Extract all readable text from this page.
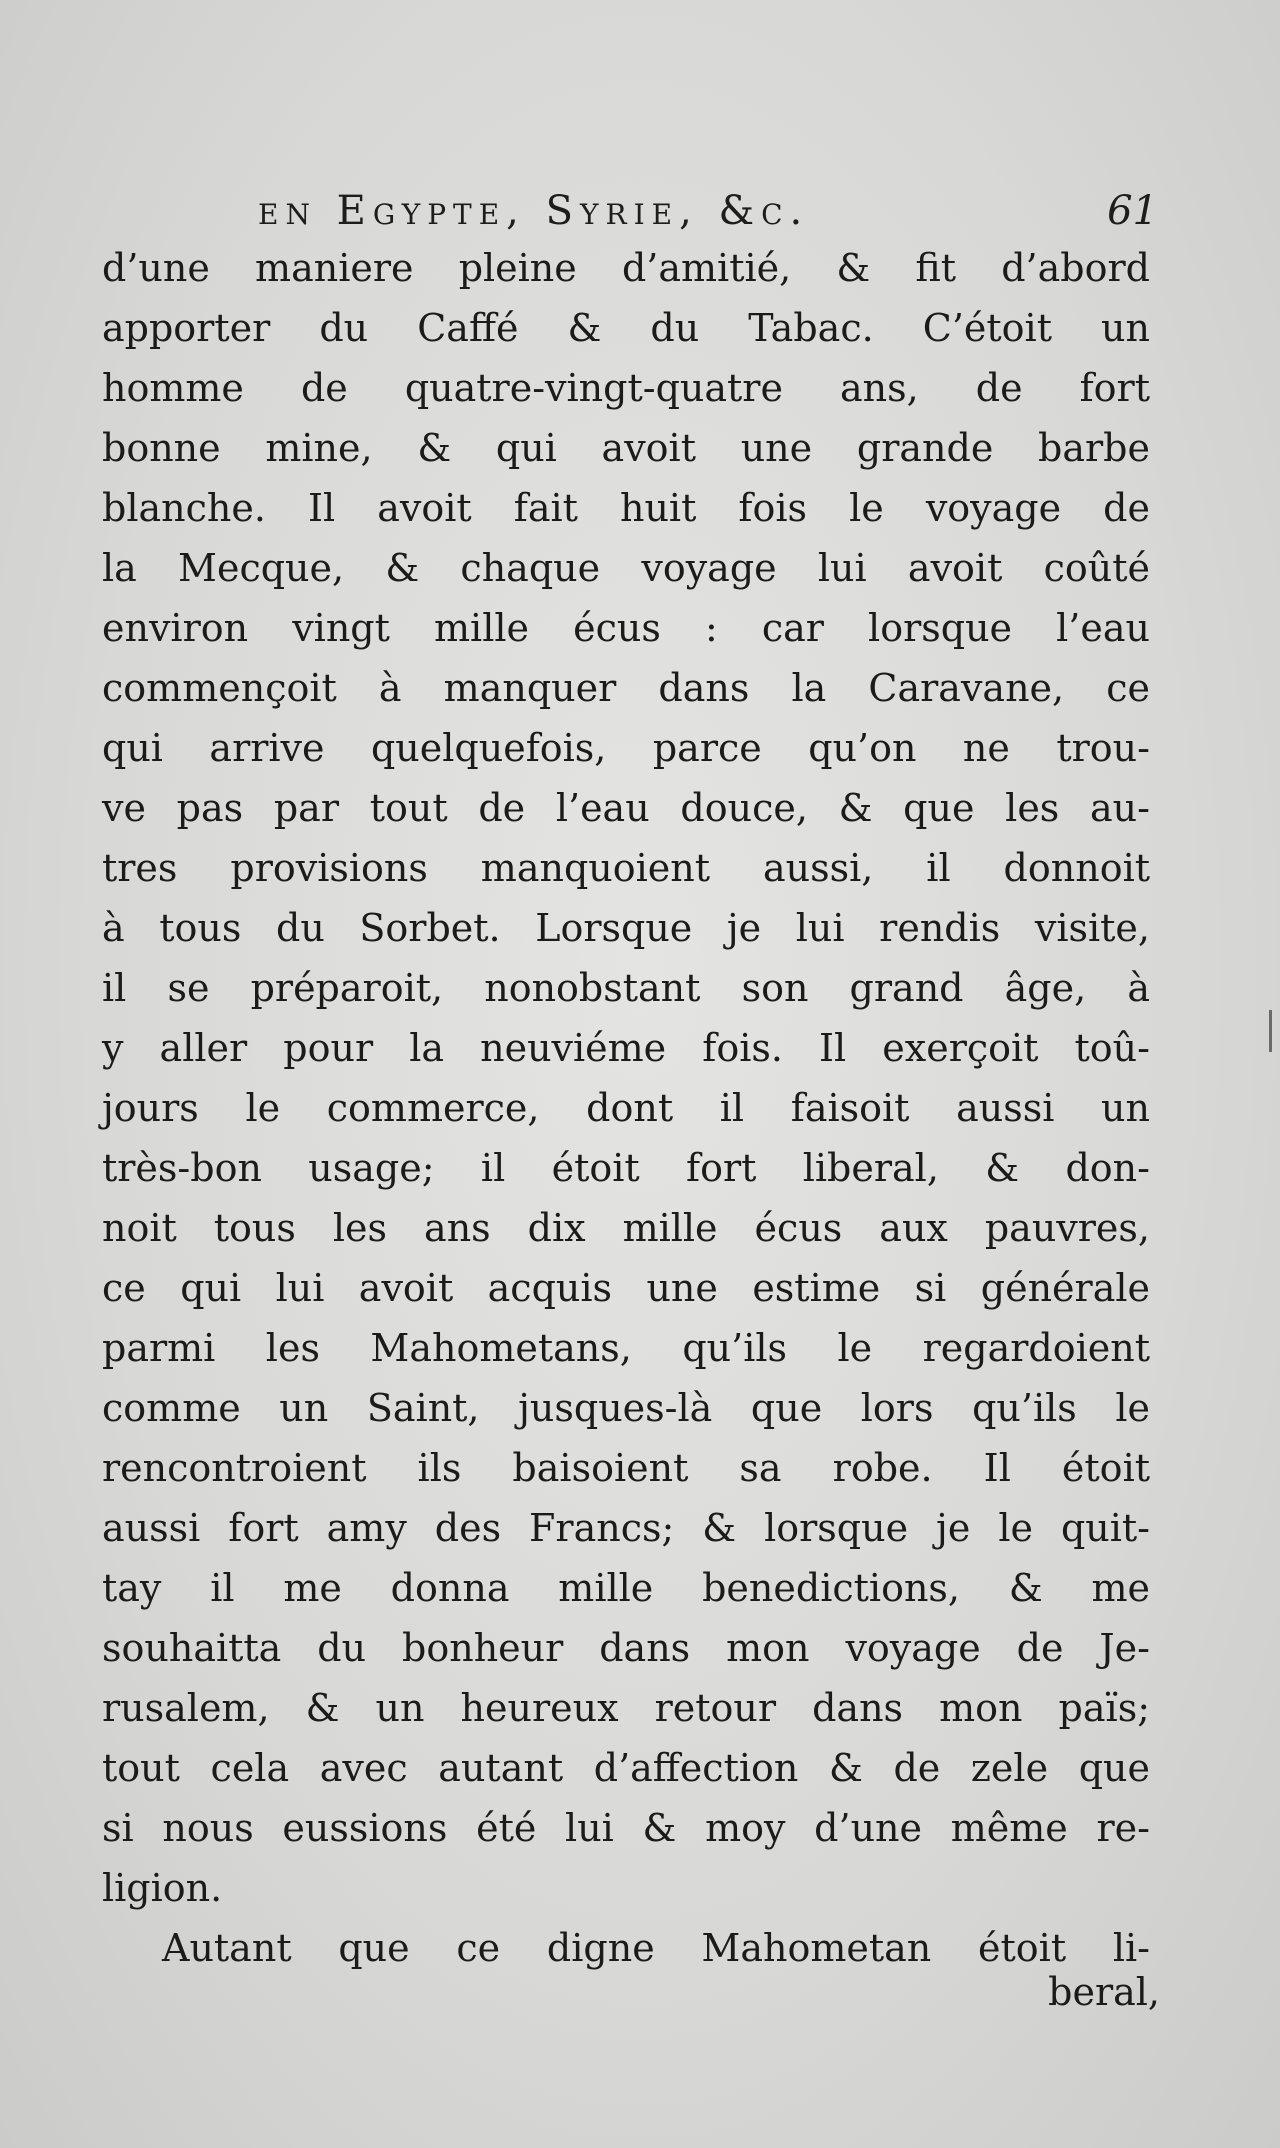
en Egypte, Syrie, &c.	61
d’une maniere pleine d’amitié, & fit d’abord
apporter du Caffé & du Tabac. C’étoit un
homme de quatre-vingt-quatre ans, de fort
bonne mine, & qui avoit une grande barbe
blanche. Il avoit fait huit fois le voyage de
la Mecque, & chaque voyage lui avoit coûté
environ vingt mille écus : car lorsque l’eau
commençoit à manquer dans la Caravane, ce
qui arrive quelquefois, parce qu’on ne trou-
ve pas par tout de l’eau douce, & que les au-
tres provisions manquoient aussi, il donnoit
à tous du Sorbet. Lorsque je lui rendis visite,
il se préparoit, nonobstant son grand âge, à
y aller pour la neuviéme fois. Il exerçoit toû-
jours le commerce, dont il faisoit aussi un
très-bon usage; il étoit fort liberal, & don-
noit tous les ans dix mille écus aux pauvres,
ce qui lui avoit acquis une estime si générale
parmi les Mahometans, qu’ils le regardoient
comme un Saint, jusques-là que lors qu’ils le
rencontroient ils baisoient sa robe. Il étoit
aussi fort amy des Francs; & lorsque je le quit-
tay il me donna mille benedictions, & me
souhaitta du bonheur dans mon voyage de Je-
rusalem, & un heureux retour dans mon païs;
tout cela avec autant d’affection & de zele que
si nous eussions été lui & moy d’une même re-
ligion.
Autant que ce digne Mahometan étoit li-
beral,
